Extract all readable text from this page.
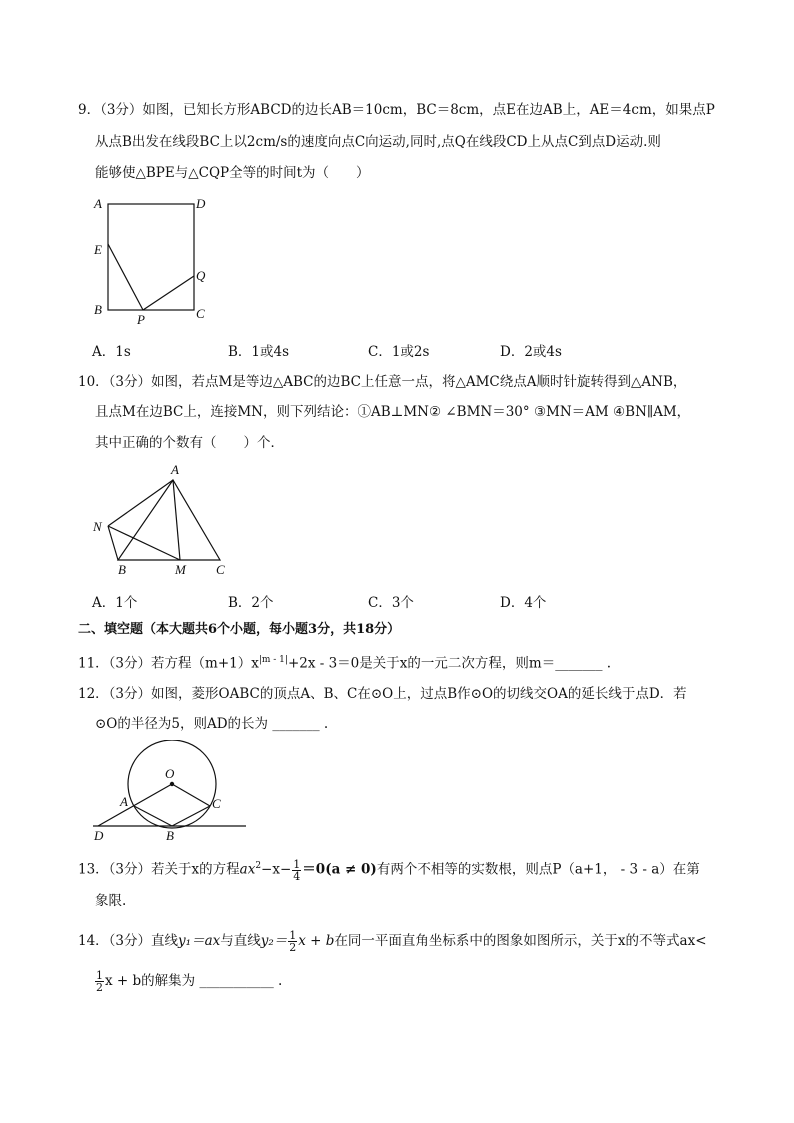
9．（3分）如图，已知长方形ABCD的边长AB＝10cm，BC＝8cm，点E在边AB上，AE＝4cm，如果点P
从点B出发在线段BC上以2cm/s的速度向点C向运动,同时,点Q在线段CD上从点C到点D运动.则
能够使△BPE与△CQP全等的时间t为（　　）
A	D
E
Q
B	C
P
A．1s	B．1或4s	C．1或2s	D．2或4s
10．（3分）如图，若点M是等边△ABC的边BC上任意一点，将△AMC绕点A顺时针旋转得到△ANB，
且点M在边BC上，连接MN，则下列结论：①AB⊥MN② ∠BMN＝30° ③MN＝AM ④BN∥AM，
其中正确的个数有（　　）个．
A
N
B	M C
A．1个	B．2个	C．3个	D．4个
二、填空题（本大题共6个小题，每小题3分，共18分）
11．（3分）若方程$(m+1)x^{|m - 1|}+2x - 3=0$是关于x的一元二次方程，则m＝_______ .
12．（3分）如图，菱形OABC的顶点A、B、C在⊙O上，过点B作⊙O的切线交OA的延长线于点D．若
⊙O的半径为5，则AD的长为 _______ .
O
A	C
D	B
13．（3分）若关于x的方程$ax^2-x- \frac{1}{4} =0(a \ne 0)$有两个不相等的实数根，则点P（a+1， - 3 - a）在第
象限.
14．（3分）直线y₁＝ax与直线$y_2= \frac{1}{2}$ x + b在同一平面直角坐标系中的图象如图所示，关于x的不等式ax<
$\frac{1}{2}$ x + b的解集为 ___________ .
